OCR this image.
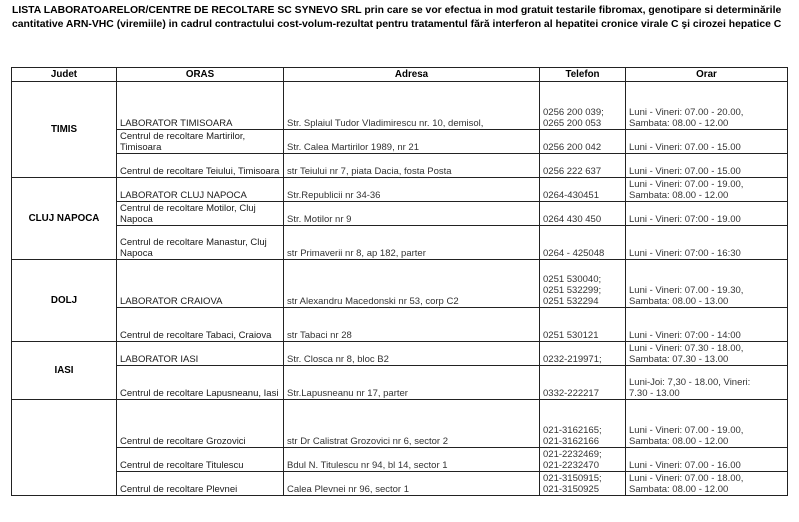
LISTA LABORATOARELOR/CENTRE DE RECOLTARE SC SYNEVO SRL prin care se vor efectua in mod gratuit testarile fibromax, genotipare si determinările cantitative ARN-VHC (viremiile) in cadrul contractului cost-volum-rezultat pentru tratamentul fără interferon al hepatitei cronice virale C şi cirozei hepatice C
Judet	ORAS	Adresa	Telefon	Orar
TIMIS	LABORATOR TIMISOARA	Str. Splaiul Tudor Vladimirescu nr. 10, demisol,	0256 200 039;
0265 200 053	Luni - Vineri: 07.00 - 20.00,
Sambata: 08.00 - 12.00

	Centrul de recoltare Martirilor, Timisoara	Str. Calea Martirilor 1989, nr 21	0256 200 042	Luni - Vineri: 07.00 - 15.00

	Centrul de recoltare Teiului, Timisoara	str Teiului nr 7, piata Dacia, fosta Posta	0256 222 637	Luni - Vineri: 07.00 - 15.00

CLUJ NAPOCA	LABORATOR CLUJ NAPOCA	Str.Republicii nr 34-36	0264-430451	Luni - Vineri: 07.00 - 19.00,
Sambata: 08.00 - 12.00

	Centrul de recoltare Motilor, Cluj Napoca	Str. Motilor nr 9	0264 430 450	Luni - Vineri: 07:00 - 19.00

	Centrul de recoltare Manastur, Cluj Napoca	str Primaverii nr 8, ap 182, parter	0264 - 425048	Luni - Vineri: 07:00 - 16:30

DOLJ	LABORATOR CRAIOVA	str Alexandru Macedonski nr 53, corp C2	0251 530040;
0251 532299;
0251 532294	Luni - Vineri: 07.00 - 19.30,
Sambata: 08.00 - 13.00

	Centrul de recoltare Tabaci, Craiova	str Tabaci nr 28	0251 530121	Luni - Vineri: 07:00 - 14:00

IASI	LABORATOR IASI	Str. Closca nr 8, bloc B2	0232-219971;	Luni - Vineri: 07.30 - 18.00,
Sambata: 07.30 - 13.00

	Centrul de recoltare Lapusneanu, Iasi	Str.Lapusneanu nr 17, parter	0332-222217	Luni-Joi: 7,30 - 18.00, Vineri:
7.30 - 13.00

	Centrul de recoltare Grozovici	str Dr Calistrat Grozovici nr 6, sector 2	021-3162165;
021-3162166	Luni - Vineri: 07.00 - 19.00,
Sambata: 08.00 - 12.00

	Centrul de recoltare Titulescu	Bdul N. Titulescu nr 94, bl 14, sector 1	021-2232469;
021-2232470	Luni - Vineri: 07.00 - 16.00

	Centrul de recoltare Plevnei	Calea Plevnei nr 96, sector 1	021-3150915;
021-3150925	Luni - Vineri: 07.00 - 18.00,
Sambata: 08.00 - 12.00
